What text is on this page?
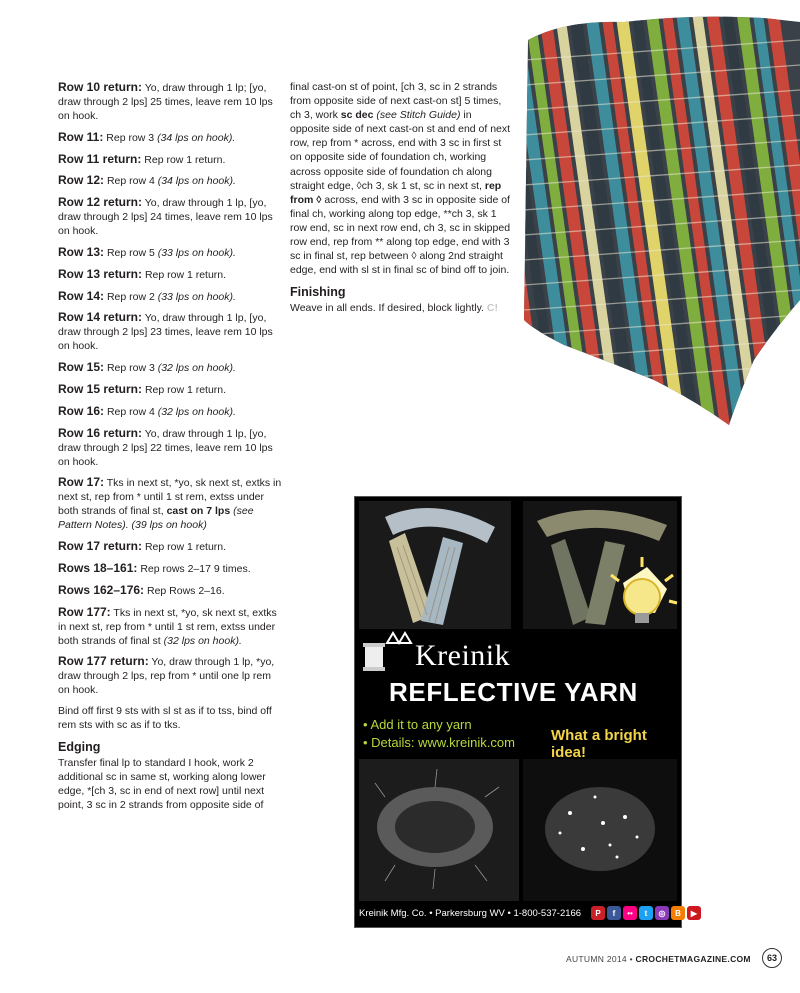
Row 10 return: Yo, draw through 1 lp; [yo, draw through 2 lps] 25 times, leave rem 10 lps on hook.

Row 11: Rep row 3 (34 lps on hook).

Row 11 return: Rep row 1 return.

Row 12: Rep row 4 (34 lps on hook).

Row 12 return: Yo, draw through 1 lp, [yo, draw through 2 lps] 24 times, leave rem 10 lps on hook.

Row 13: Rep row 5 (33 lps on hook).

Row 13 return: Rep row 1 return.

Row 14: Rep row 2 (33 lps on hook).

Row 14 return: Yo, draw through 1 lp, [yo, draw through 2 lps] 23 times, leave rem 10 lps on hook.

Row 15: Rep row 3 (32 lps on hook).

Row 15 return: Rep row 1 return.

Row 16: Rep row 4 (32 lps on hook).

Row 16 return: Yo, draw through 1 lp, [yo, draw through 2 lps] 22 times, leave rem 10 lps on hook.

Row 17: Tks in next st, *yo, sk next st, extks in next st, rep from * until 1 st rem, extss under both strands of final st, cast on 7 lps (see Pattern Notes). (39 lps on hook)

Row 17 return: Rep row 1 return.

Rows 18–161: Rep rows 2–17 9 times.

Rows 162–176: Rep Rows 2–16.

Row 177: Tks in next st, *yo, sk next st, extks in next st, rep from * until 1 st rem, extss under both strands of final st (32 lps on hook).

Row 177 return: Yo, draw through 1 lp, *yo, draw through 2 lps, rep from * until one lp rem on hook.

Bind off first 9 sts with sl st as if to tss, bind off rem sts with sc as if to tks.

Edging

Transfer final lp to standard I hook, work 2 additional sc in same st, working along lower edge, *[ch 3, sc in end of next row] until next point, 3 sc in 2 strands from opposite side of

final cast-on st of point, [ch 3, sc in 2 strands from opposite side of next cast-on st] 5 times, ch 3, work sc dec (see Stitch Guide) in opposite side of next cast-on st and end of next row, rep from * across, end with 3 sc in first st on opposite side of foundation ch, working across opposite side of foundation ch along straight edge, ◊ch 3, sk 1 st, sc in next st, rep from ◊ across, end with 3 sc in opposite side of final ch, working along top edge, **ch 3, sk 1 row end, sc in next row end, ch 3, sc in skipped row end, rep from ** along top edge, end with 3 sc in final st, rep between ◊ along 2nd straight edge, end with sl st in final sc of bind off to join.

Finishing

Weave in all ends. If desired, block lightly. C!

Kreinik
REFLECTIVE YARN
• Add it to any yarn
• Details: www.kreinik.com What a bright idea!
Kreinik Mfg. Co. • Parkersburg WV • 1-800-537-2166	P	f	••	t	◎	B	▶
AUTUMN 2014 • CROCHETMAGAZINE.COM	63
